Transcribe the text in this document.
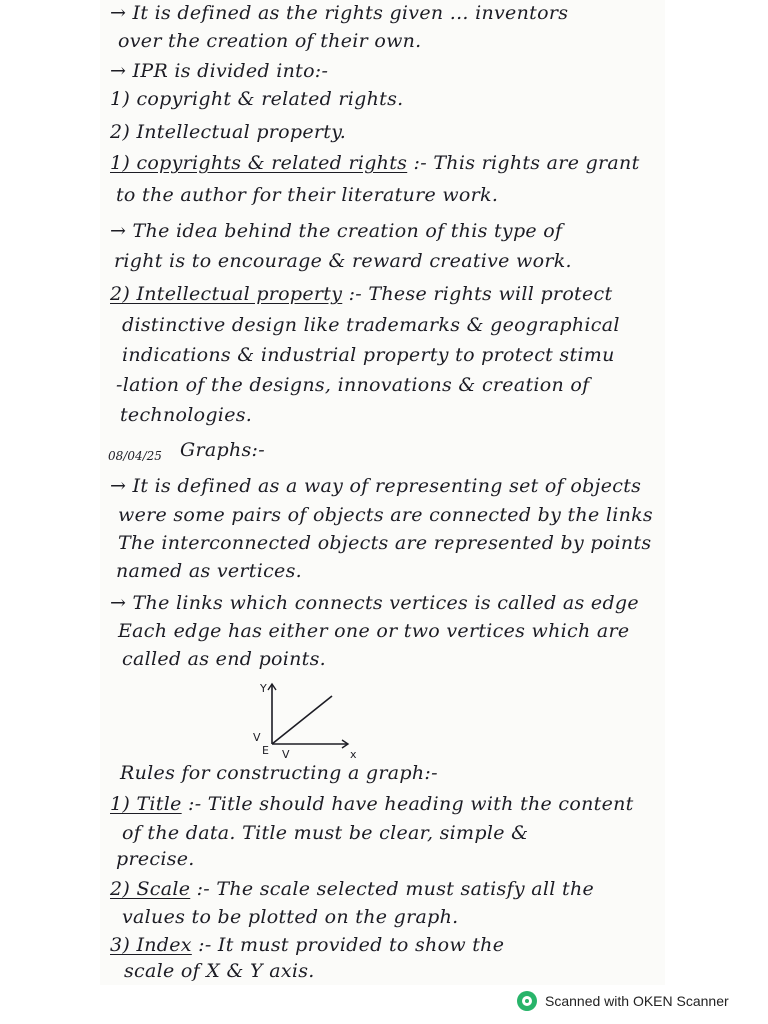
→ It is defined as the rights given ... inventors
over the creation of their own.
→ IPR is divided into:-
1) copyright & related rights.
2) Intellectual property.
1) copyrights & related rights :- This rights are grant
to the author for their literature work.
→ The idea behind the creation of this type of
right is to encourage & reward creative work.
2) Intellectual property :- These rights will protect
distinctive design like trademarks & geographical
indications & industrial property to protect stimu
-lation of the designs, innovations & creation of
technologies.
08/04/25 Graphs:-
→ It is defined as a way of representing set of objects
were some pairs of objects are connected by the links
The interconnected objects are represented by points
named as vertices.
→ The links which connects vertices is called as edge
Each edge has either one or two vertices which are
called as end points.
Y
V
E V	x
Rules for constructing a graph:-
1) Title :- Title should have heading with the content
of the data. Title must be clear, simple &
precise.
2) Scale :- The scale selected must satisfy all the
values to be plotted on the graph.
3) Index :- It must provided to show the
scale of X & Y axis.
Scanned with OKEN Scanner
